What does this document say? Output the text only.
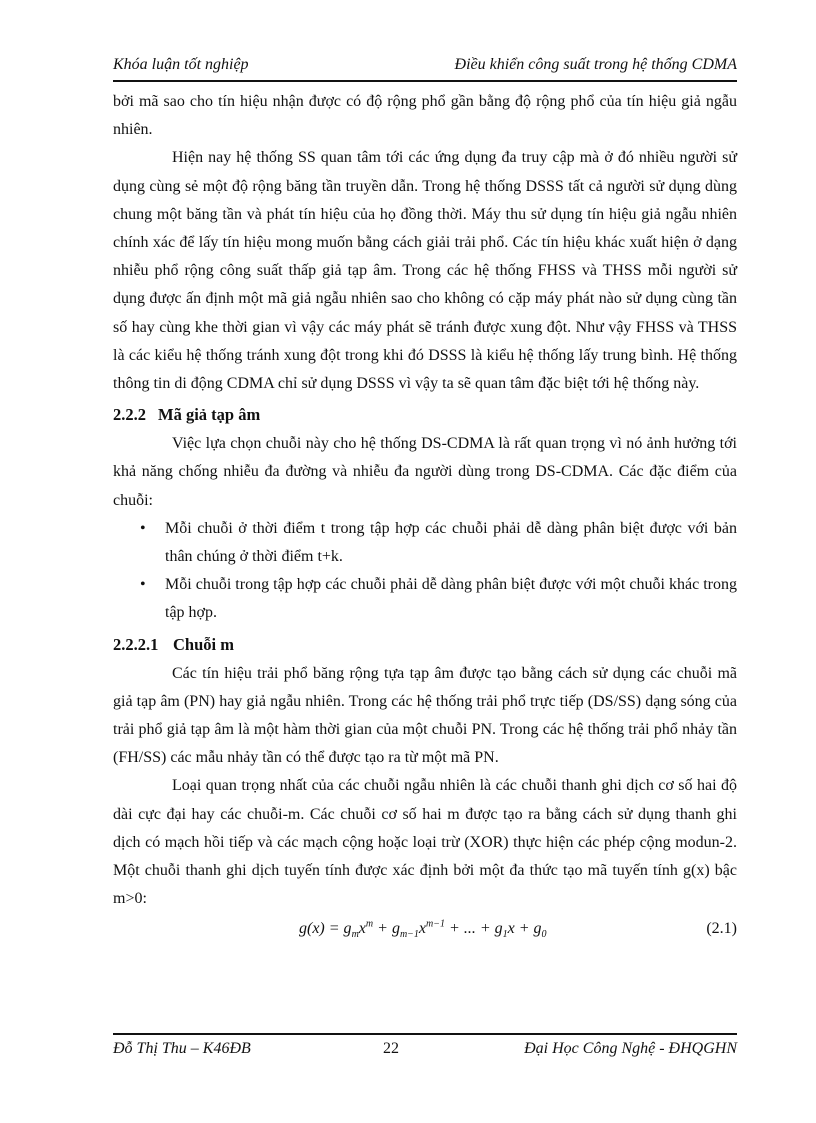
Khóa luận tốt nghiệp	Điều khiển công suất trong hệ thống CDMA

bởi mã sao cho tín hiệu nhận được có độ rộng phổ gần bằng độ rộng phổ của tín hiệu giả ngẫu nhiên.

Hiện nay hệ thống SS quan tâm tới các ứng dụng đa truy cập mà ở đó nhiều người sử dụng cùng sẻ một độ rộng băng tần truyền dẫn. Trong hệ thống DSSS tất cả người sử dụng dùng chung một băng tần và phát tín hiệu của họ đồng thời. Máy thu sử dụng tín hiệu giả ngẫu nhiên chính xác để lấy tín hiệu mong muốn bằng cách giải trải phổ. Các tín hiệu khác xuất hiện ở dạng nhiễu phổ rộng công suất thấp giả tạp âm. Trong các hệ thống FHSS và THSS mỗi người sử dụng được ấn định một mã giả ngẫu nhiên sao cho không có cặp máy phát nào sử dụng cùng tần số hay cùng khe thời gian vì vậy các máy phát sẽ tránh được xung đột. Như vậy FHSS và THSS là các kiểu hệ thống tránh xung đột trong khi đó DSSS là kiểu hệ thống lấy trung bình. Hệ thống thông tin di động CDMA chỉ sử dụng DSSS vì vậy ta sẽ quan tâm đặc biệt tới hệ thống này.

2.2.2 Mã giả tạp âm

Việc lựa chọn chuỗi này cho hệ thống DS-CDMA là rất quan trọng vì nó ảnh hưởng tới khả năng chống nhiễu đa đường và nhiễu đa người dùng trong DS-CDMA. Các đặc điểm của chuỗi:

• Mỗi chuỗi ở thời điểm t trong tập hợp các chuỗi phải dễ dàng phân biệt được với bản thân chúng ở thời điểm t+k.
• Mỗi chuỗi trong tập hợp các chuỗi phải dễ dàng phân biệt được với một chuỗi khác trong tập hợp.
2.2.2.1 Chuỗi m

Các tín hiệu trải phổ băng rộng tựa tạp âm được tạo bằng cách sử dụng các chuỗi mã giả tạp âm (PN) hay giả ngẫu nhiên. Trong các hệ thống trải phổ trực tiếp (DS/SS) dạng sóng của trải phổ giả tạp âm là một hàm thời gian của một chuỗi PN. Trong các hệ thống trải phổ nhảy tần (FH/SS) các mẫu nhảy tần có thể được tạo ra từ một mã PN.

Loại quan trọng nhất của các chuỗi ngẫu nhiên là các chuỗi thanh ghi dịch cơ số hai độ dài cực đại hay các chuỗi-m. Các chuỗi cơ số hai m được tạo ra bằng cách sử dụng thanh ghi dịch có mạch hồi tiếp và các mạch cộng hoặc loại trừ (XOR) thực hiện các phép cộng modun-2. Một chuỗi thanh ghi dịch tuyến tính được xác định bởi một đa thức tạo mã tuyến tính g(x) bậc m>0:

$g(x) = g_mx^m + g_{m-1}x^{m-1}$ + ... + $g_1x + g_0$	(2.1)
Đỗ Thị Thu – K46ĐB	22	Đại Học Công Nghệ - ĐHQGHN
